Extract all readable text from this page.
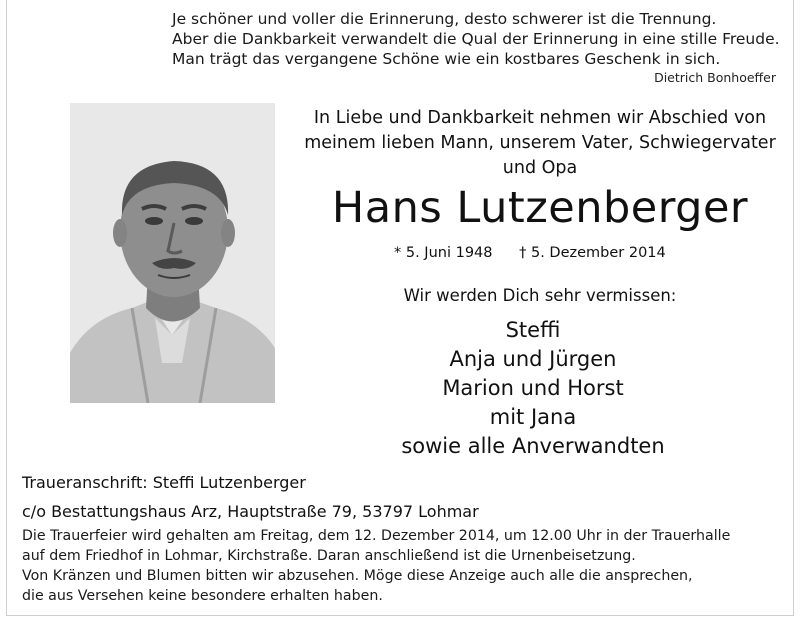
Je schöner und voller die Erinnerung, desto schwerer ist die Trennung.
Aber die Dankbarkeit verwandelt die Qual der Erinnerung in eine stille Freude.
Man trägt das vergangene Schöne wie ein kostbares Geschenk in sich.
Dietrich Bonhoeffer
In Liebe und Dankbarkeit nehmen wir Abschied von
meinem lieben Mann, unserem Vater, Schwiegervater
und Opa
Hans Lutzenberger
* 5. Juni 1948 † 5. Dezember 2014
Wir werden Dich sehr vermissen:
Steffi
Anja und Jürgen
Marion und Horst
mit Jana
sowie alle Anverwandten
Traueranschrift: Steffi Lutzenberger
c/o Bestattungshaus Arz, Hauptstraße 79, 53797 Lohmar
Die Trauerfeier wird gehalten am Freitag, dem 12. Dezember 2014, um 12.00 Uhr in der Trauerhalle
auf dem Friedhof in Lohmar, Kirchstraße. Daran anschließend ist die Urnenbeisetzung.
Von Kränzen und Blumen bitten wir abzusehen. Möge diese Anzeige auch alle die ansprechen,
die aus Versehen keine besondere erhalten haben.
